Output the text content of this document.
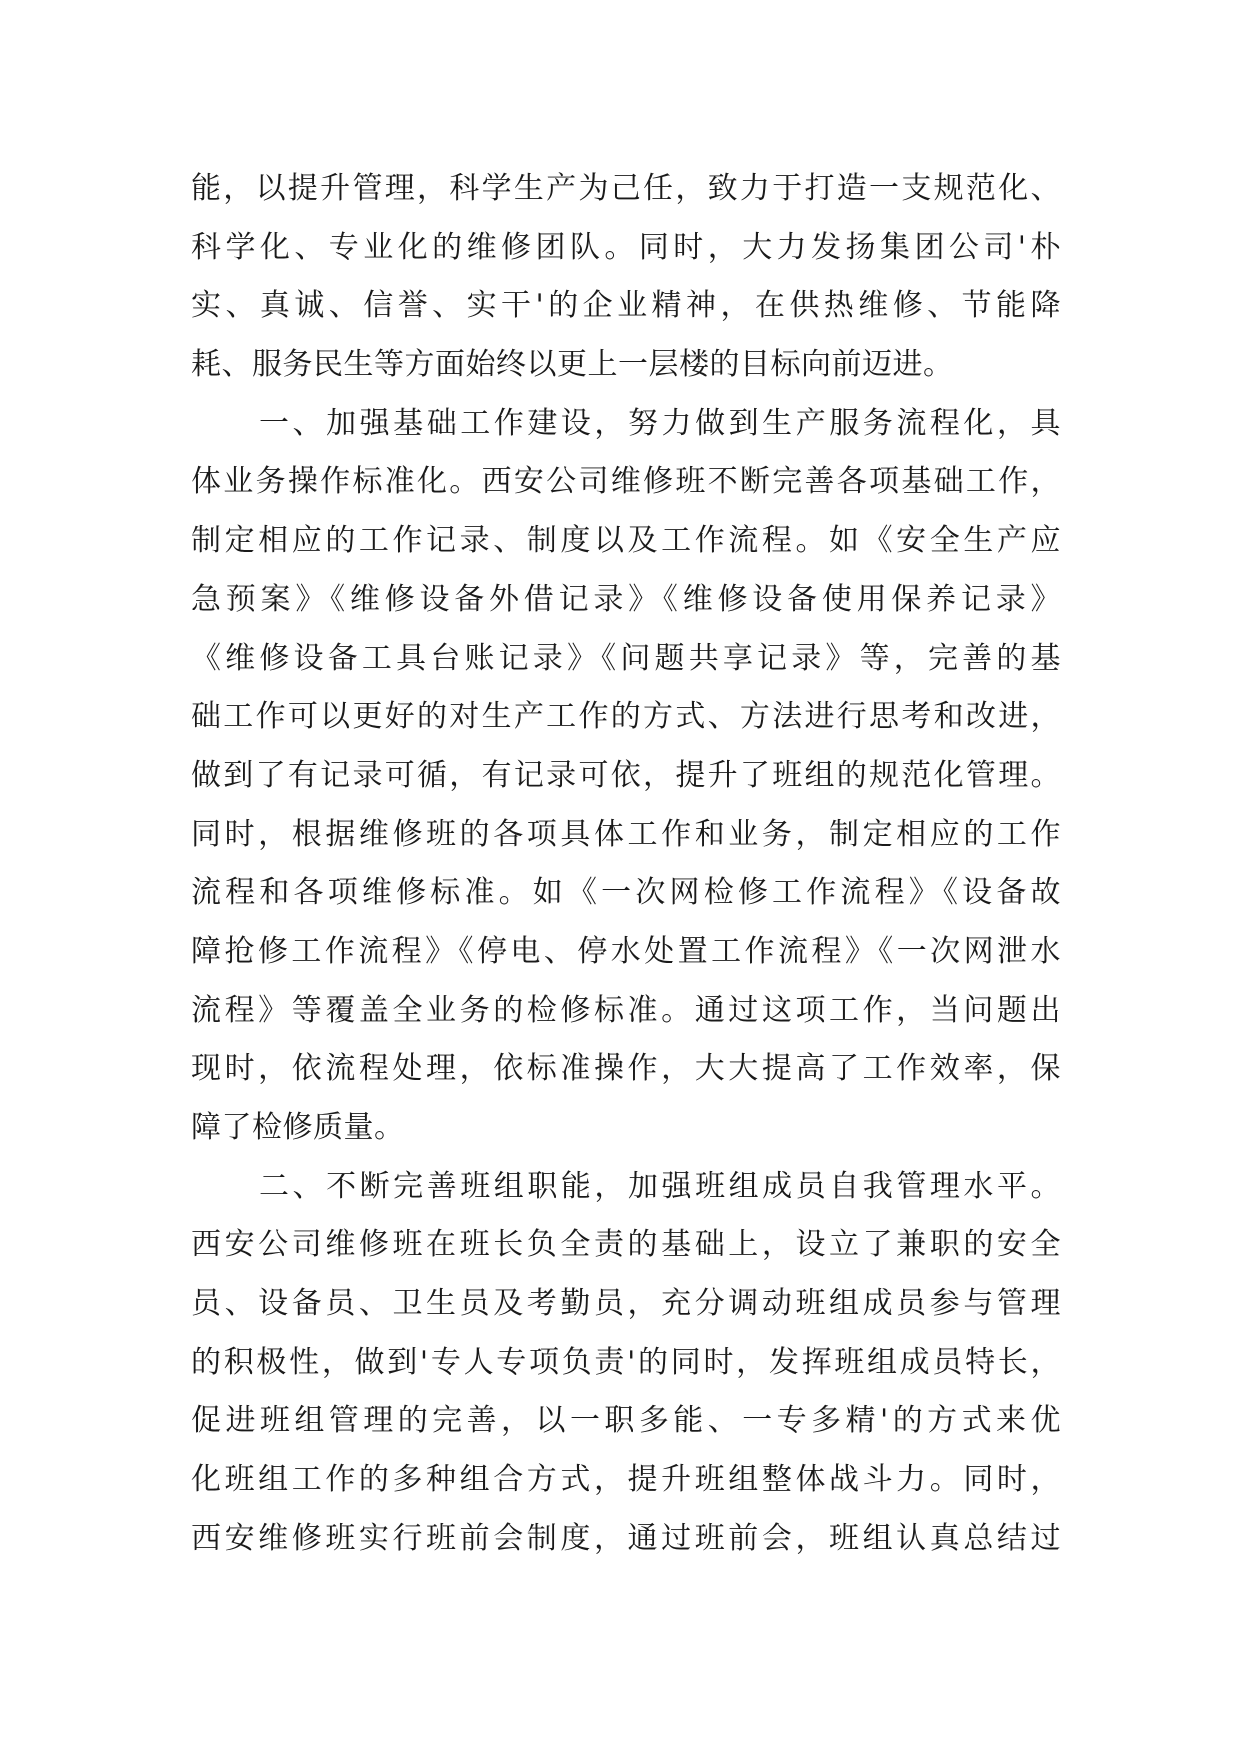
能，以提升管理，科学生产为己任，致力于打造一支规范化、
科学化、专业化的维修团队。同时，大力发扬集团公司'朴
实、真诚、信誉、实干'的企业精神，在供热维修、节能降
耗、服务民生等方面始终以更上一层楼的目标向前迈进。
一、加强基础工作建设，努力做到生产服务流程化，具
体业务操作标准化。西安公司维修班不断完善各项基础工作，
制定相应的工作记录、制度以及工作流程。如《安全生产应
急预案》《维修设备外借记录》《维修设备使用保养记录》
《维修设备工具台账记录》《问题共享记录》等，完善的基
础工作可以更好的对生产工作的方式、方法进行思考和改进，
做到了有记录可循，有记录可依，提升了班组的规范化管理。
同时，根据维修班的各项具体工作和业务，制定相应的工作
流程和各项维修标准。如《一次网检修工作流程》《设备故
障抢修工作流程》《停电、停水处置工作流程》《一次网泄水
流程》等覆盖全业务的检修标准。通过这项工作，当问题出
现时，依流程处理，依标准操作，大大提高了工作效率，保
障了检修质量。
二、不断完善班组职能，加强班组成员自我管理水平。
西安公司维修班在班长负全责的基础上，设立了兼职的安全
员、设备员、卫生员及考勤员，充分调动班组成员参与管理
的积极性，做到'专人专项负责'的同时，发挥班组成员特长，
促进班组管理的完善，以一职多能、一专多精'的方式来优
化班组工作的多种组合方式，提升班组整体战斗力。同时，
西安维修班实行班前会制度，通过班前会，班组认真总结过
